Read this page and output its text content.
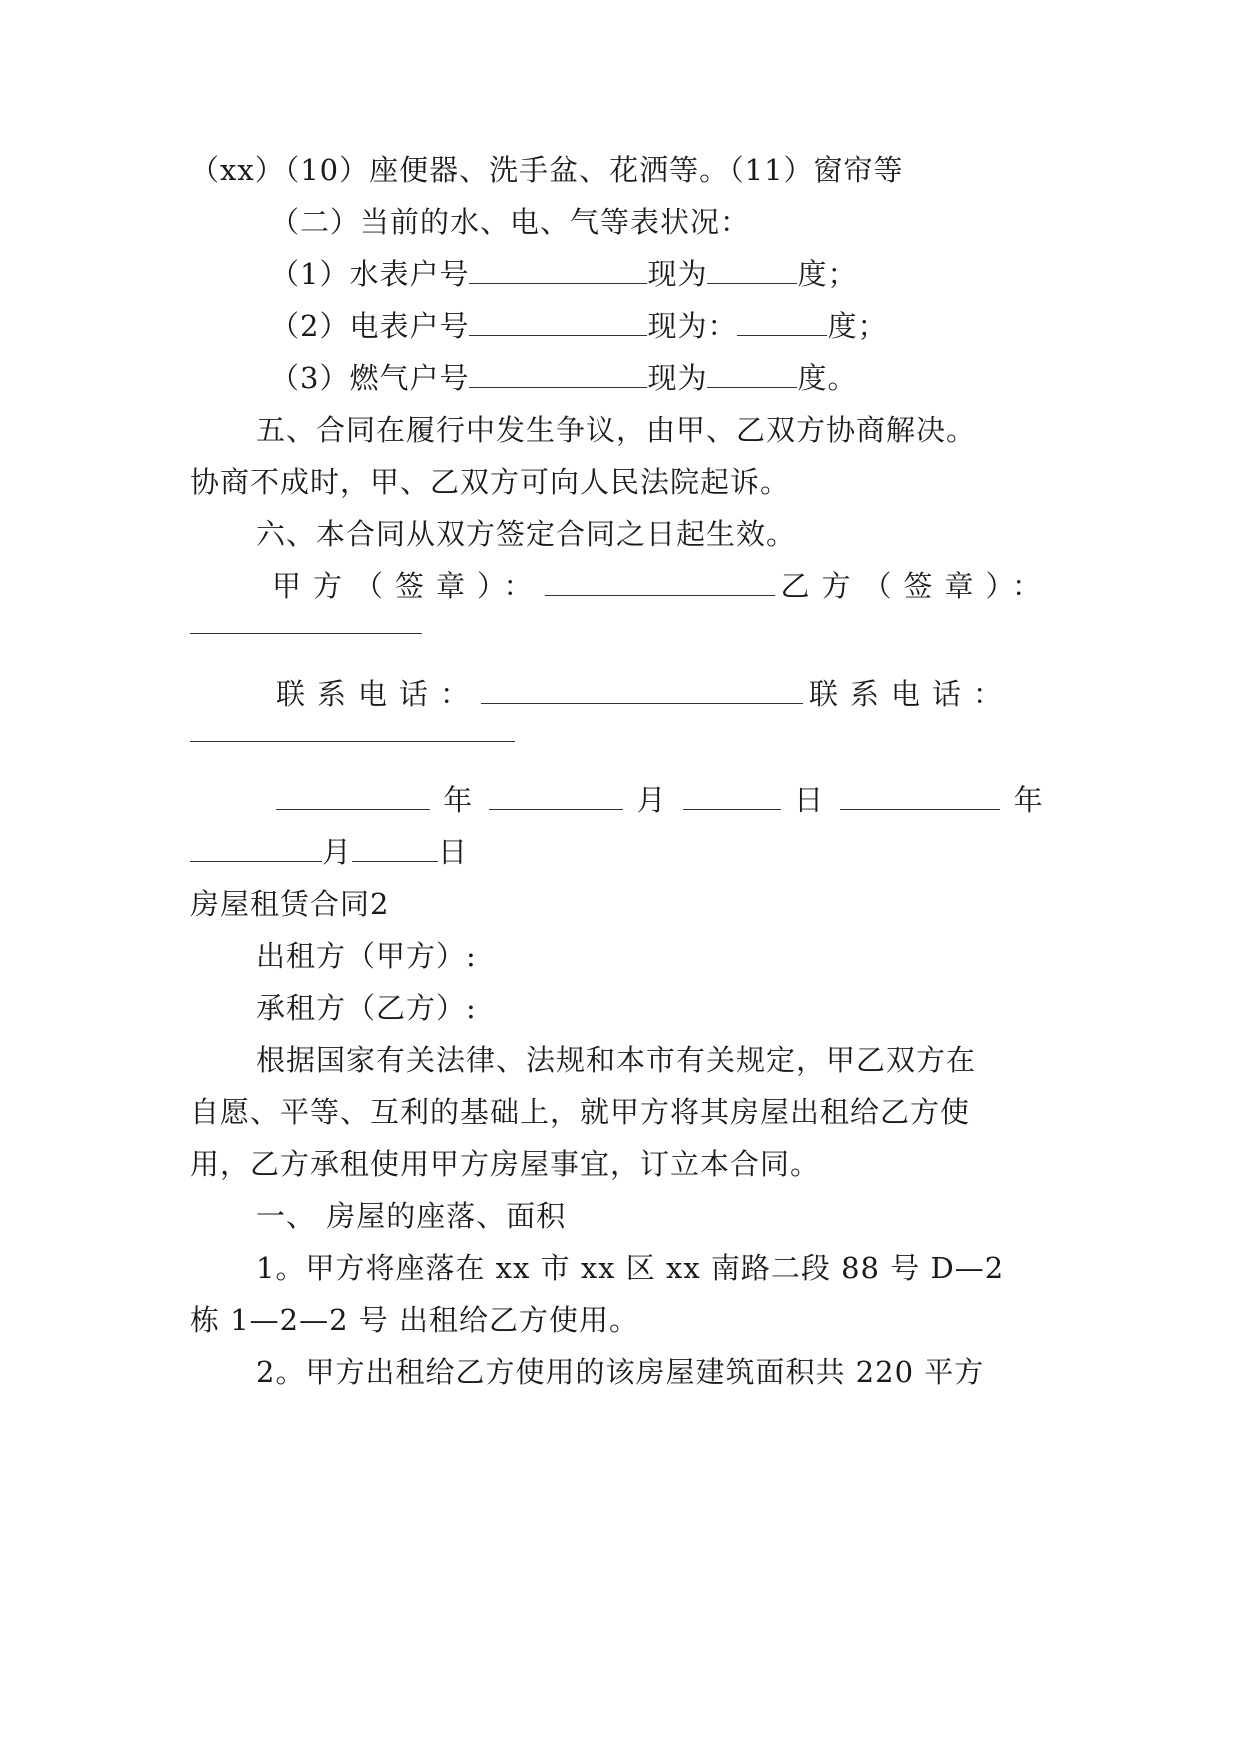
（xx）（10）座便器、洗手盆、花洒等。（11）窗帘等
（二）当前的水、电、气等表状况：
（1）水表户号	现为	度；
（2）电表户号	现为：	度；
（3）燃气户号	现为	度。
五、合同在履行中发生争议，由甲、乙双方协商解决。
协商不成时，甲、乙双方可向人民法院起诉。
六、本合同从双方签定合同之日起生效。
甲方（签章）：	乙方（签章）：
联系电话：	联系电话：
年	月	日	年
月	日
房屋租赁合同2
出租方（甲方）:
承租方（乙方）:
根据国家有关法律、法规和本市有关规定，甲乙双方在
自愿、平等、互利的基础上，就甲方将其房屋出租给乙方使
用，乙方承租使用甲方房屋事宜，订立本合同。
一、 房屋的座落、面积
1。甲方将座落在 xx 市 xx 区 xx 南路二段 88 号 D—2
栋 1—2—2 号 出租给乙方使用。
2。甲方出租给乙方使用的该房屋建筑面积共 220 平方
